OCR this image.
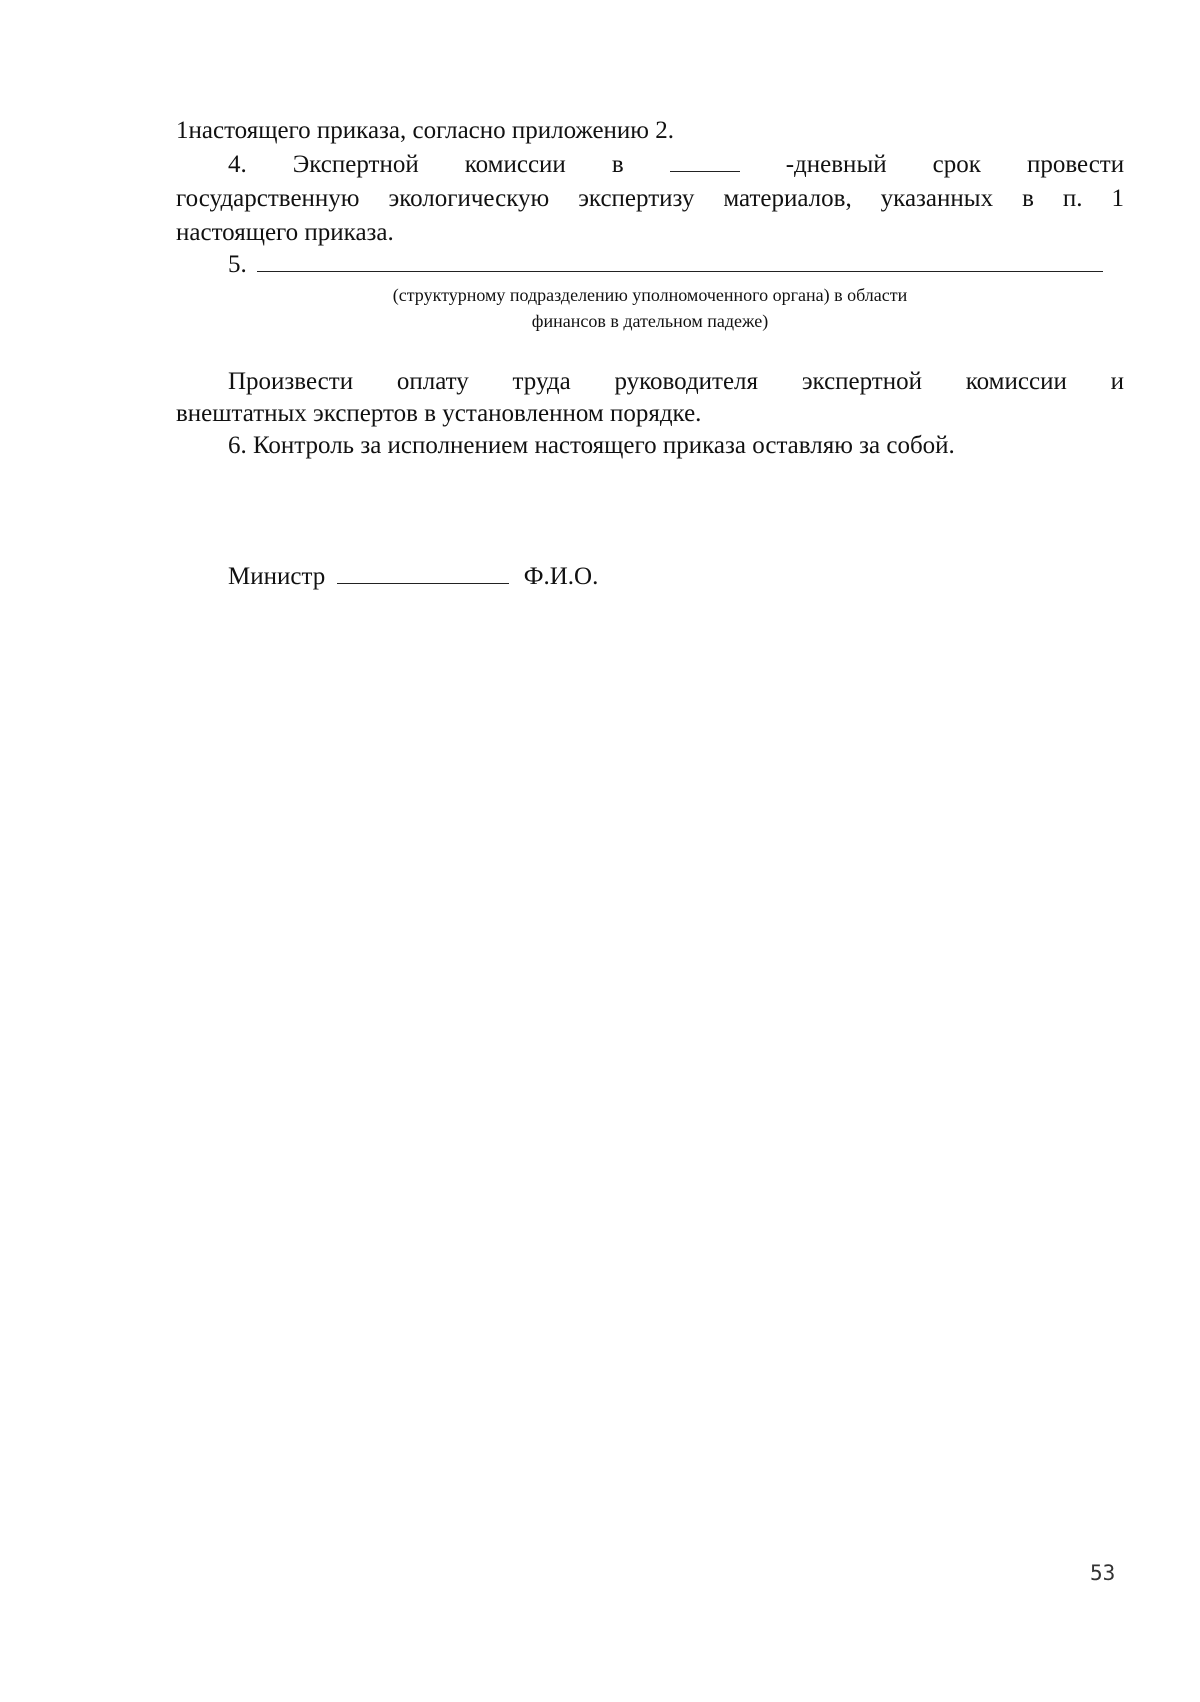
1настоящего приказа, согласно приложению 2.
4. Экспертной комиссии в	-дневный срок провести
государственную экологическую экспертизу материалов, указанных в п. 1
настоящего приказа.
5.
(структурному подразделению уполномоченного органа) в области
финансов в дательном падеже)
Произвести оплату труда руководителя экспертной комиссии и
внештатных экспертов в установленном порядке.
6. Контроль за исполнением настоящего приказа оставляю за собой.
Министр	Ф.И.О.
53
